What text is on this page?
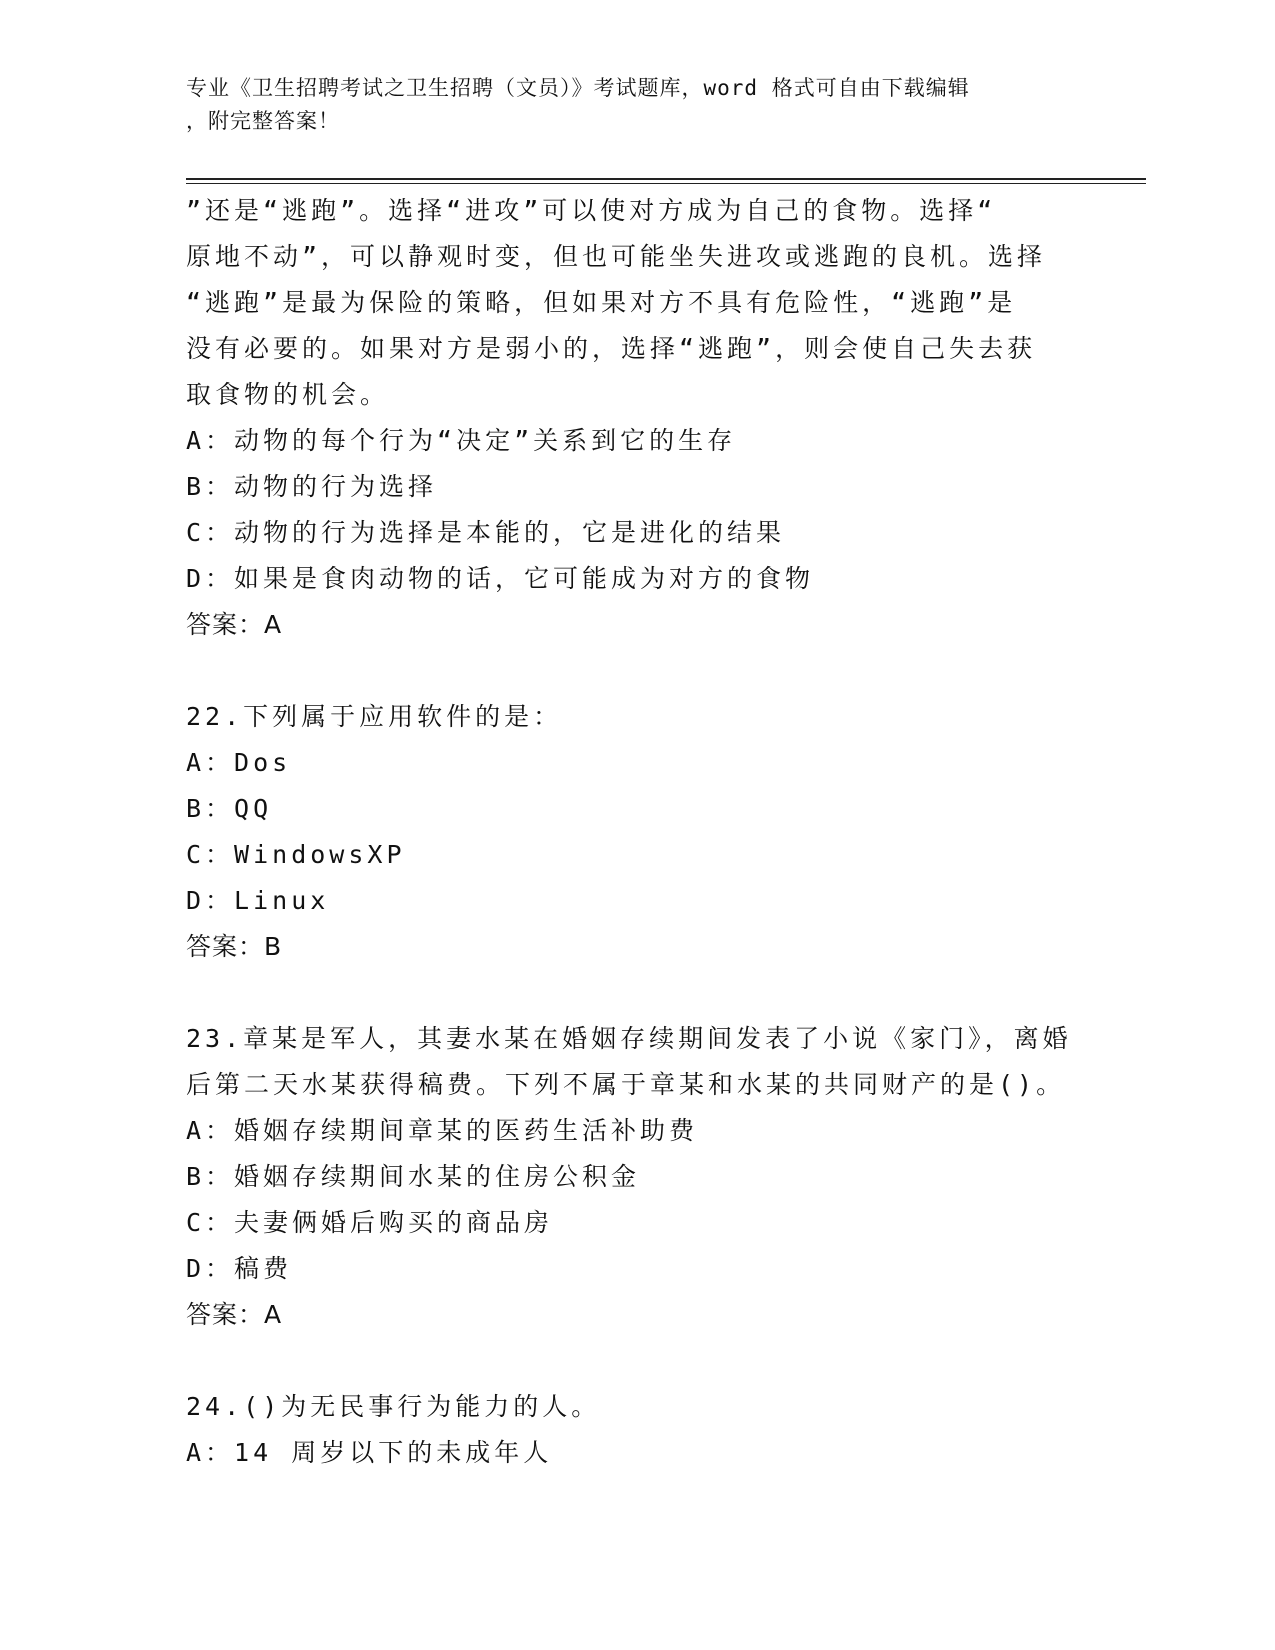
专业《卫生招聘考试之卫生招聘（文员）》考试题库，word 格式可自由下载编辑
，附完整答案！
”还是“逃跑”。选择“进攻”可以使对方成为自己的食物。选择“
原地不动”，可以静观时变，但也可能坐失进攻或逃跑的良机。选择
“逃跑”是最为保险的策略，但如果对方不具有危险性，“逃跑”是
没有必要的。如果对方是弱小的，选择“逃跑”，则会使自己失去获
取食物的机会。
A：动物的每个行为“决定”关系到它的生存
B：动物的行为选择
C：动物的行为选择是本能的，它是进化的结果
D：如果是食肉动物的话，它可能成为对方的食物
答案：A
22.下列属于应用软件的是：
A：Dos
B：QQ
C：WindowsXP
D：Linux
答案：B
23.章某是军人，其妻水某在婚姻存续期间发表了小说《家门》，离婚
后第二天水某获得稿费。下列不属于章某和水某的共同财产的是()。
A：婚姻存续期间章某的医药生活补助费
B：婚姻存续期间水某的住房公积金
C：夫妻俩婚后购买的商品房
D：稿费
答案：A
24.()为无民事行为能力的人。
A：14 周岁以下的未成年人
